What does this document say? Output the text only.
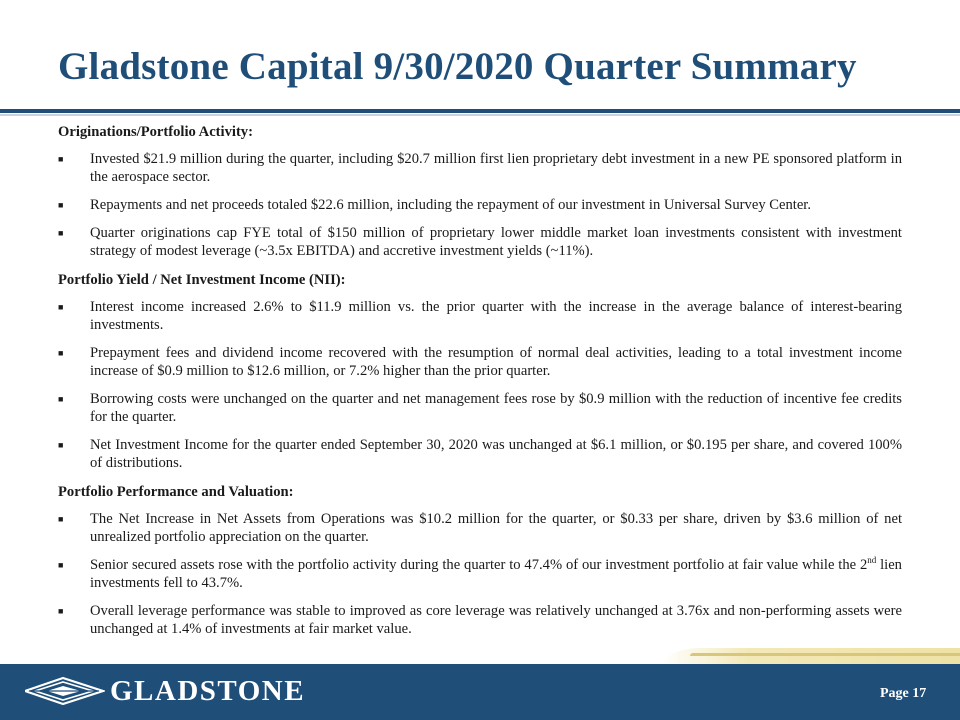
Gladstone Capital 9/30/2020 Quarter Summary
Originations/Portfolio Activity:
■	Invested $21.9 million during the quarter, including $20.7 million first lien proprietary debt investment in a new PE sponsored platform in the aerospace sector.
■	Repayments and net proceeds totaled $22.6 million, including the repayment of our investment in Universal Survey Center.
■	Quarter originations cap FYE total of $150 million of proprietary lower middle market loan investments consistent with investment strategy of modest leverage (~3.5x EBITDA) and accretive investment yields (~11%).
Portfolio Yield / Net Investment Income (NII):
■	Interest income increased 2.6% to $11.9 million vs. the prior quarter with the increase in the average balance of interest-bearing investments.
■	Prepayment fees and dividend income recovered with the resumption of normal deal activities, leading to a total investment income increase of $0.9 million to $12.6 million, or 7.2% higher than the prior quarter.
■	Borrowing costs were unchanged on the quarter and net management fees rose by $0.9 million with the reduction of incentive fee credits for the quarter.
■	Net Investment Income for the quarter ended September 30, 2020 was unchanged at $6.1 million, or $0.195 per share, and covered 100% of distributions.
Portfolio Performance and Valuation:
■	The Net Increase in Net Assets from Operations was $10.2 million for the quarter, or $0.33 per share, driven by $3.6 million of net unrealized portfolio appreciation on the quarter.
■	Senior secured assets rose with the portfolio activity during the quarter to 47.4% of our investment portfolio at fair value while the 2nd lien investments fell to 43.7%.
■	Overall leverage performance was stable to improved as core leverage was relatively unchanged at 3.76x and non-performing assets were unchanged at 1.4% of investments at fair market value.
GLADSTONE	Page 17
